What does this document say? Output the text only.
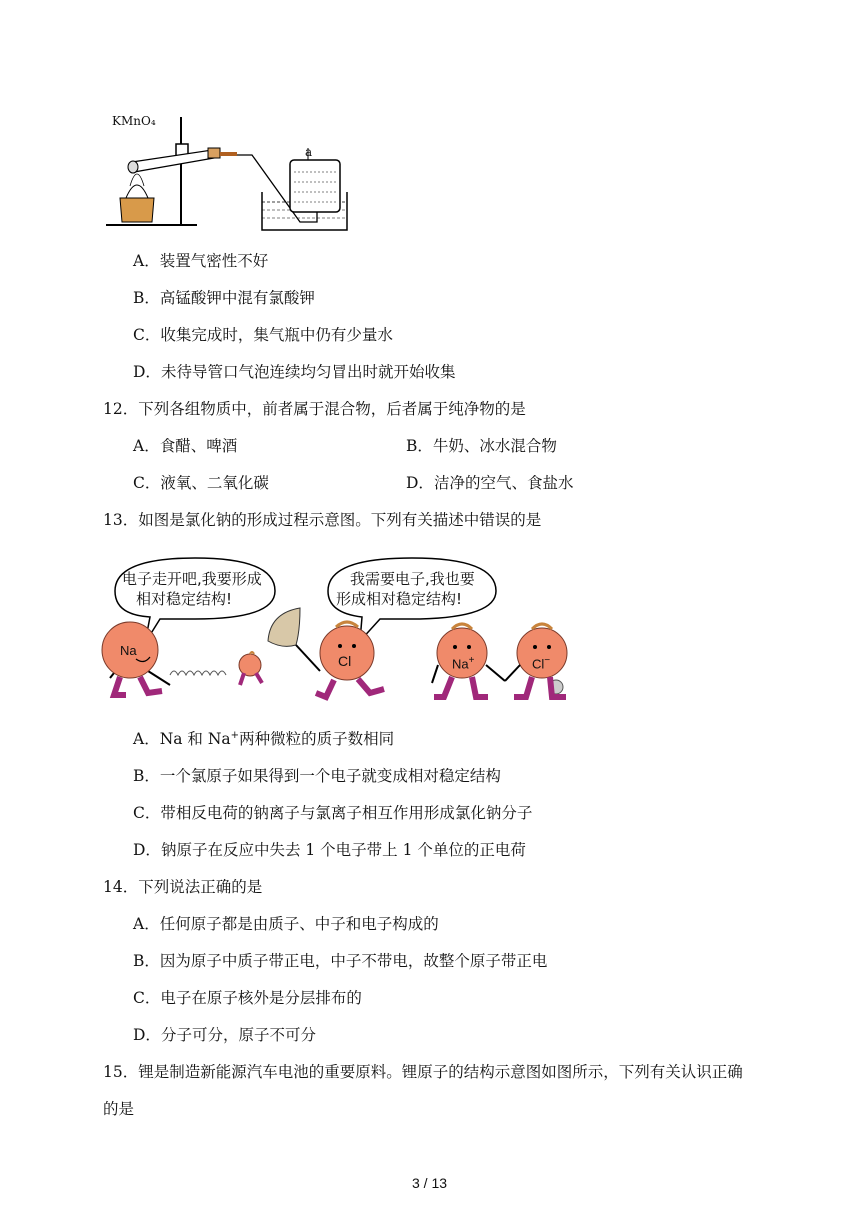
KMnO₄
a
A．装置气密性不好
B．高锰酸钾中混有氯酸钾
C．收集完成时，集气瓶中仍有少量水
D．未待导管口气泡连续均匀冒出时就开始收集
12．下列各组物质中，前者属于混合物，后者属于纯净物的是
A．食醋、啤酒	B．牛奶、冰水混合物
C．液氧、二氧化碳	D．洁净的空气、食盐水
13．如图是氯化钠的形成过程示意图。下列有关描述中错误的是
电子走开吧,我要形成
相对稳定结构!
我需要电子,我也要
形成相对稳定结构!
Na
Cl	Na+	Cl−
A．Na 和 Na+两种微粒的质子数相同
B．一个氯原子如果得到一个电子就变成相对稳定结构
C．带相反电荷的钠离子与氯离子相互作用形成氯化钠分子
D．钠原子在反应中失去 1 个电子带上 1 个单位的正电荷
14．下列说法正确的是
A．任何原子都是由质子、中子和电子构成的
B．因为原子中质子带正电，中子不带电，故整个原子带正电
C．电子在原子核外是分层排布的
D．分子可分，原子不可分
15．锂是制造新能源汽车电池的重要原料。锂原子的结构示意图如图所示，下列有关认识正确
的是
3 / 13
